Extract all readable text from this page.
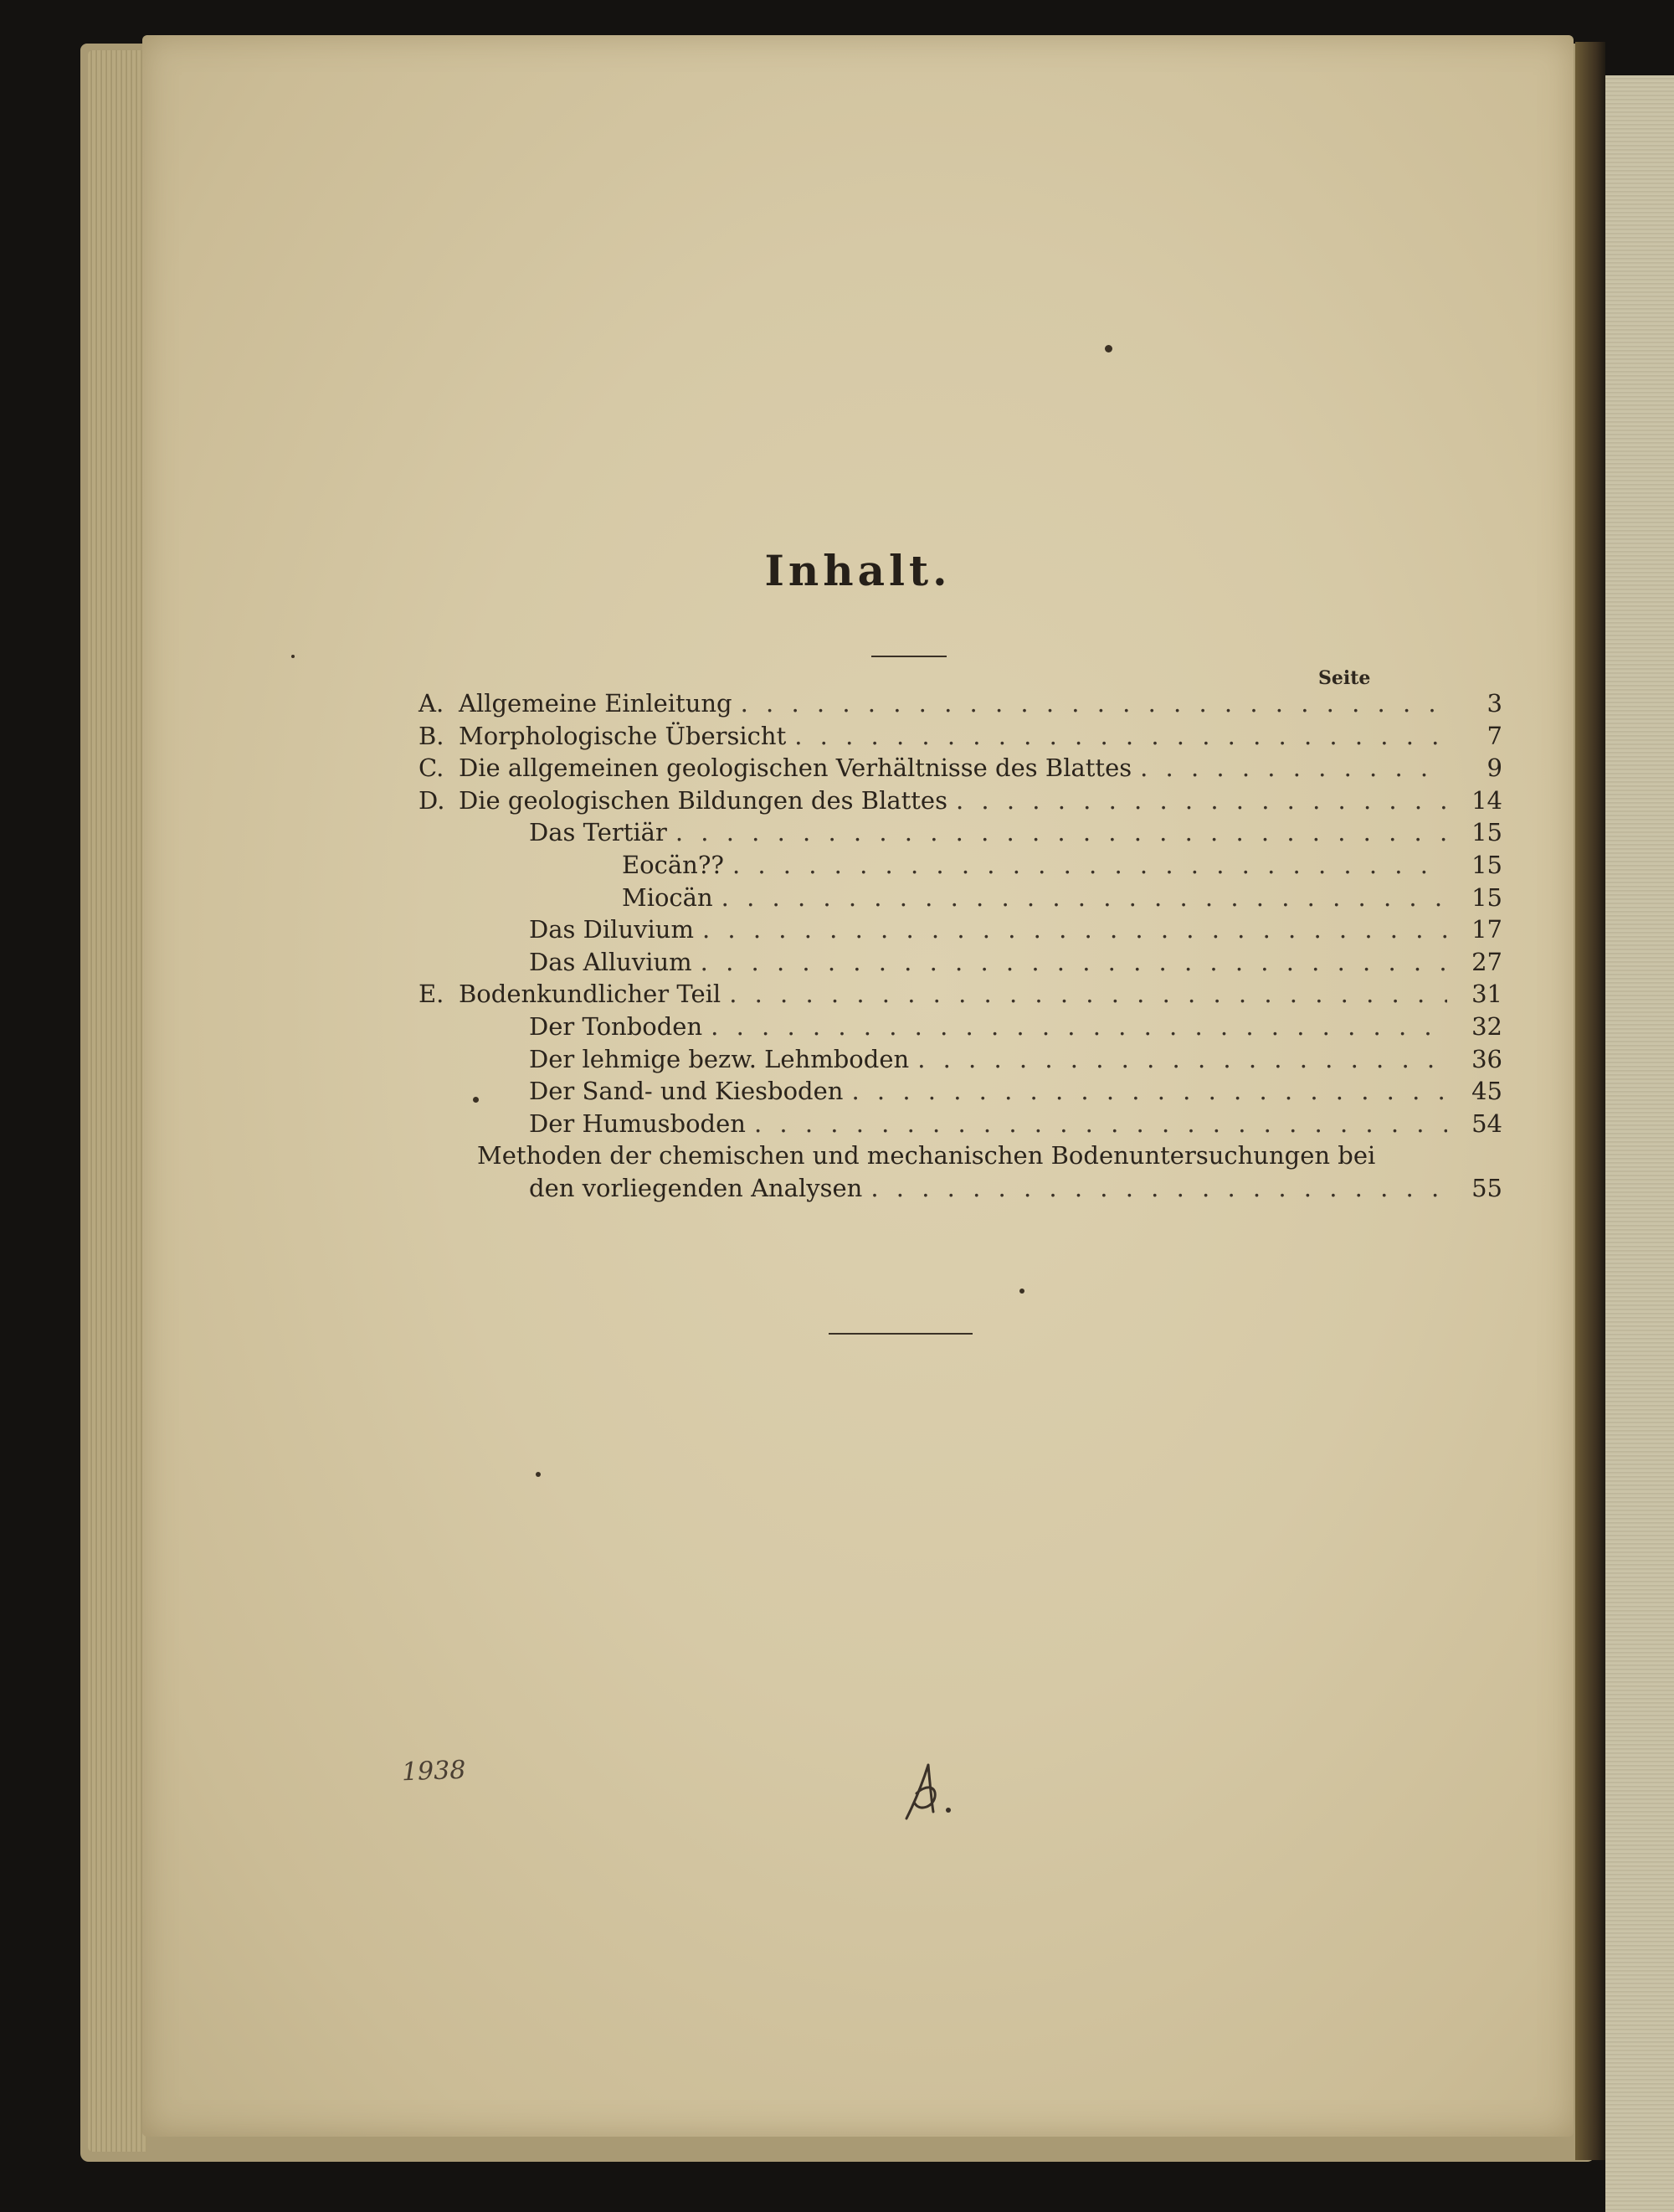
Inhalt.
Seite
A. Allgemeine Einleitung . . .	3
B. Morphologische Übersicht . . .	7
C. Die allgemeinen geologischen Verhältnisse des Blattes . . .	9
D. Die geologischen Bildungen des Blattes . . .	14
Das Tertiär . . .	15
Eocän?? . . .	15
Miocän . . .	15
Das Diluvium . . .	17
Das Alluvium . . .	27
E. Bodenkundlicher Teil . . .	31
Der Tonboden . . .	32
Der lehmige bezw. Lehmboden . . .	36
Der Sand- und Kiesboden . . .	45
Der Humusboden . . .	54
Methoden der chemischen und mechanischen Bodenuntersuchungen bei
den vorliegenden Analysen . . .	55
1938
